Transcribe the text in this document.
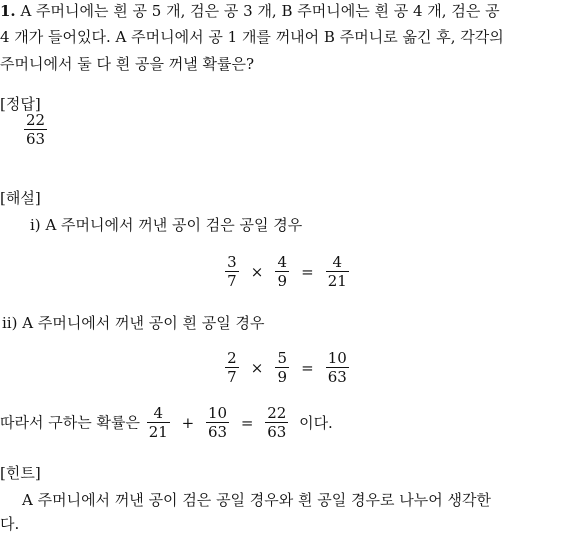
1. A 주머니에는 흰 공 5 개, 검은 공 3 개, B 주머니에는 흰 공 4 개, 검은 공
4 개가 들어있다. A 주머니에서 공 1 개를 꺼내어 B 주머니로 옮긴 후, 각각의
주머니에서 둘 다 흰 공을 꺼낼 확률은?
[정답]
$\frac{22}{63}$
[해설]
ⅰ) A 주머니에서 꺼낸 공이 검은 공일 경우
$\frac{3}{7} \times \frac{4}{9} = \frac{4}{21}$
ⅱ) A 주머니에서 꺼낸 공이 흰 공일 경우
$\frac{2}{7} \times \frac{5}{9} = \frac{10}{63}$
따라서 구하는 확률은 $\frac{4}{21} + \frac{10}{63} = \frac{22}{63}$ 이다.
[힌트]
A 주머니에서 꺼낸 공이 검은 공일 경우와 흰 공일 경우로 나누어 생각한
다.
